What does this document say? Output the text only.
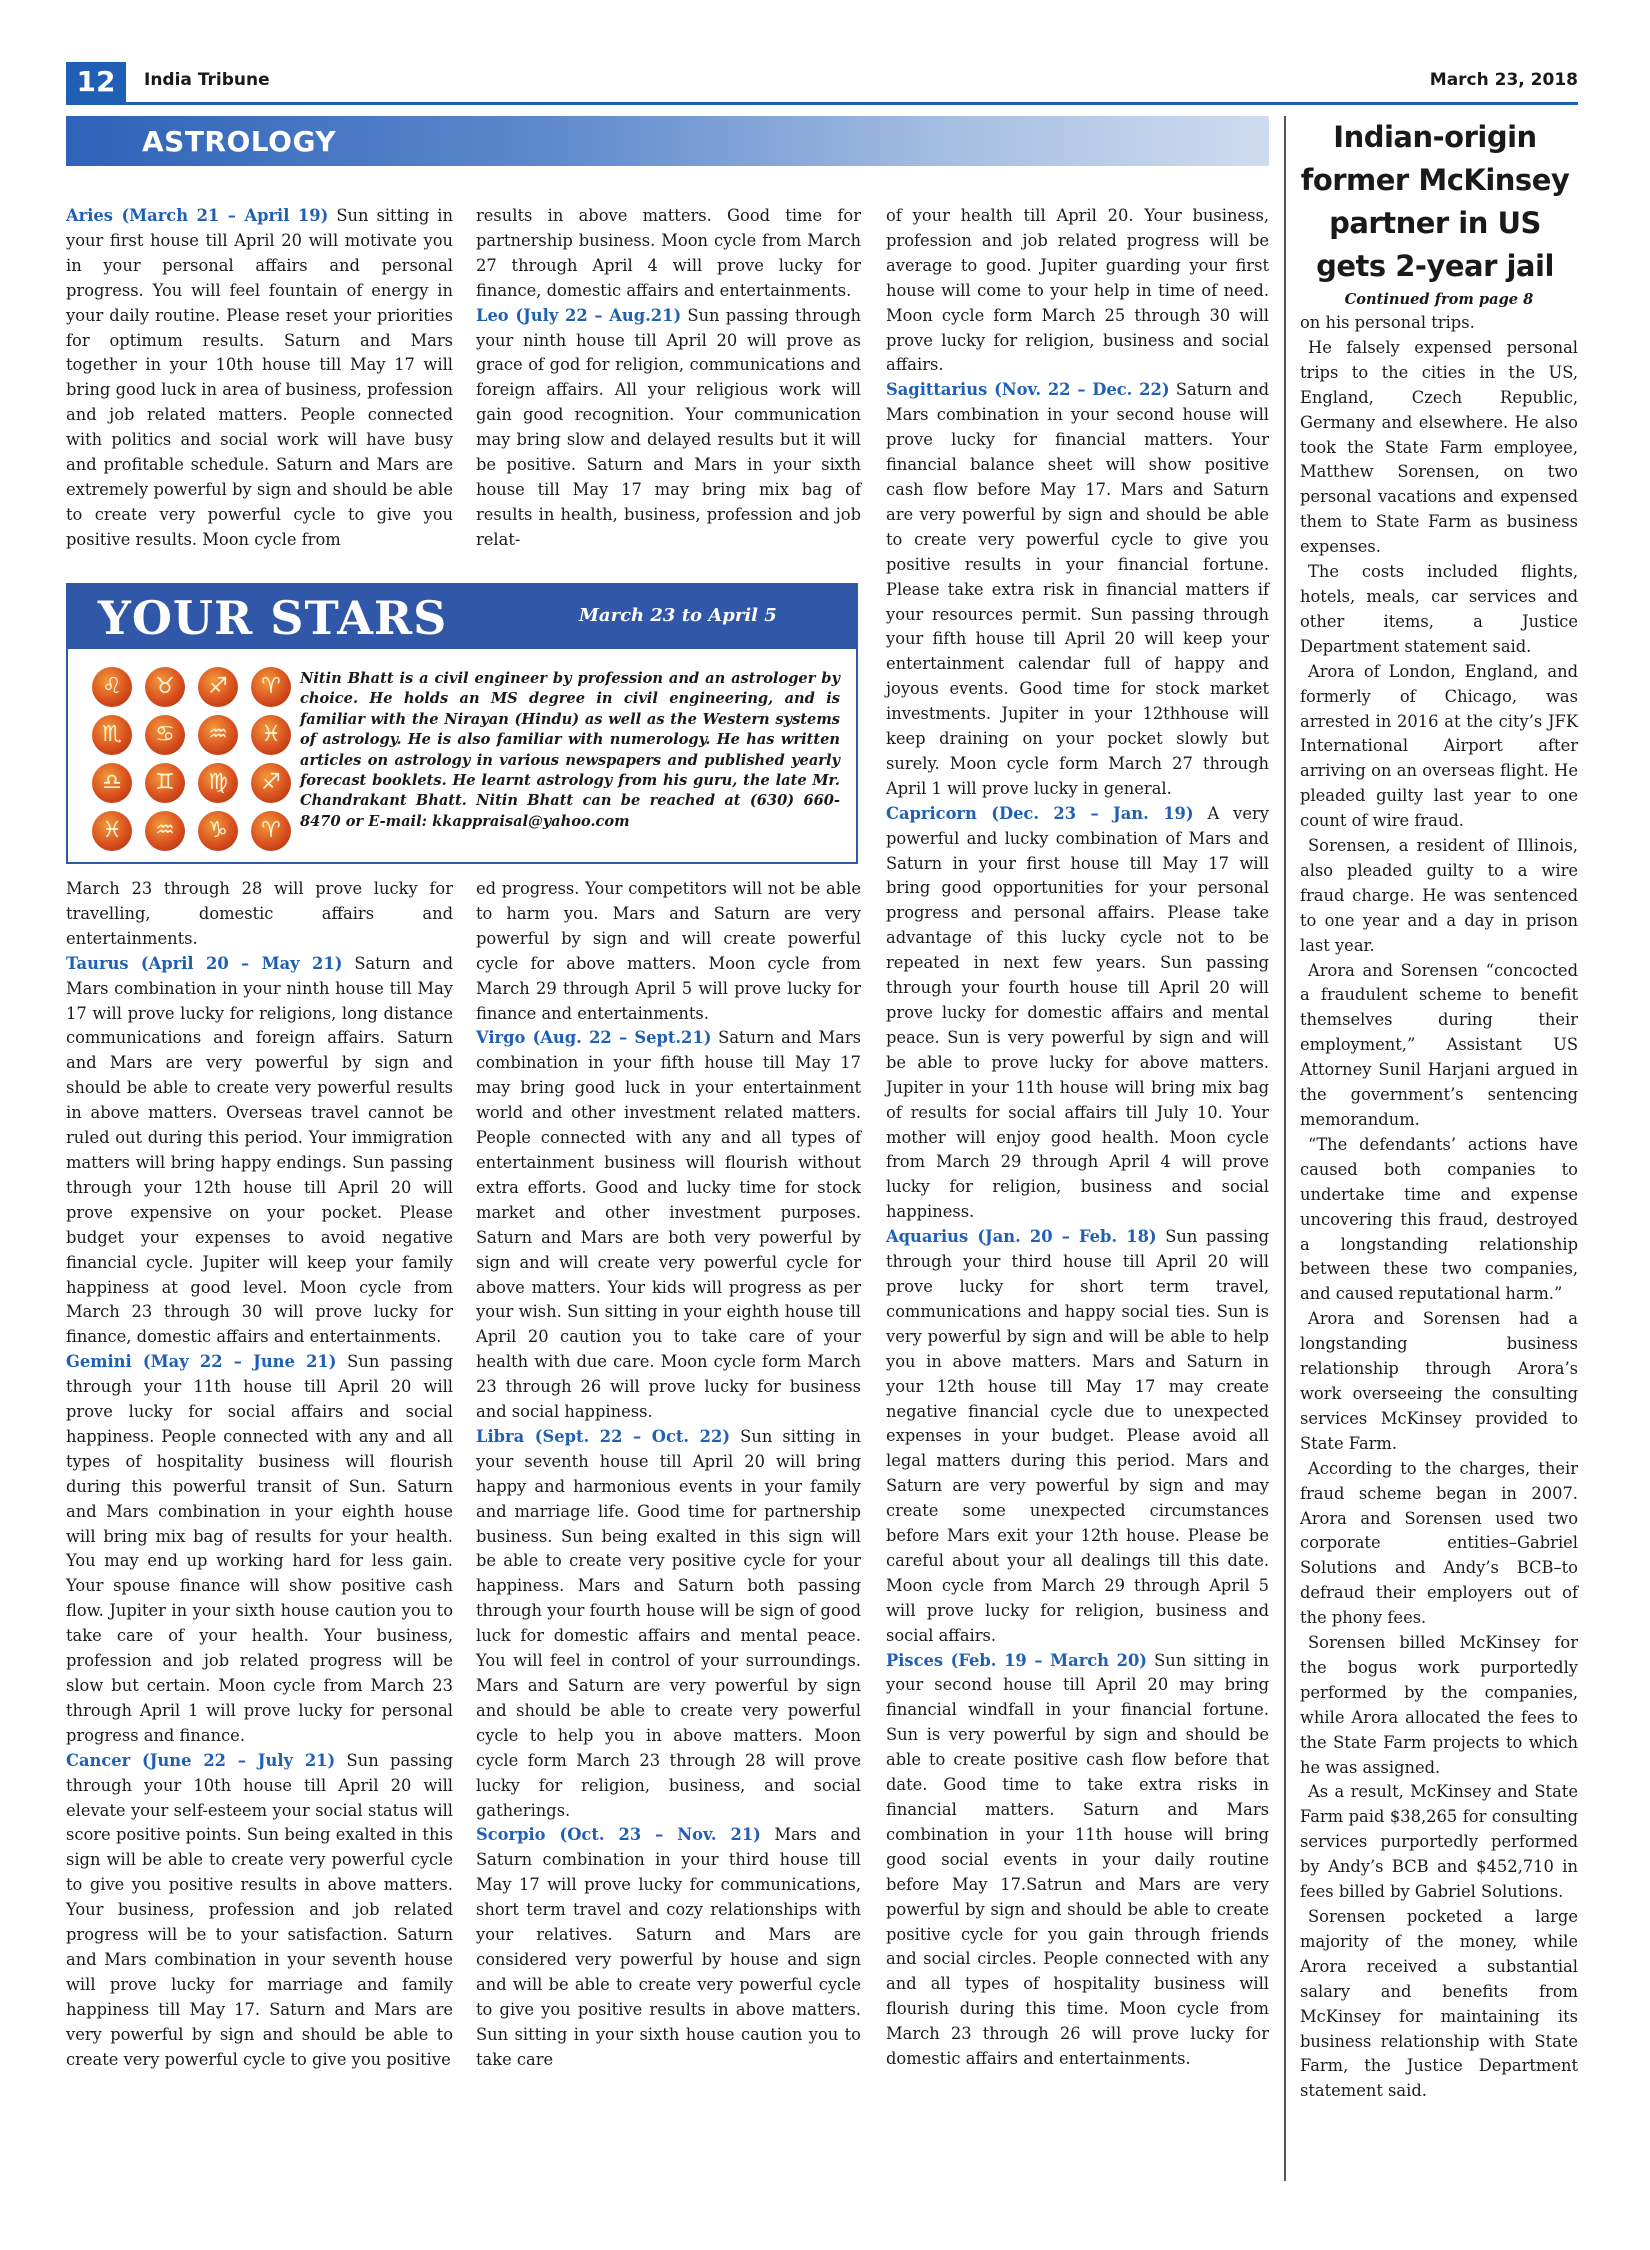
12	India Tribune	March 23, 2018
ASTROLOGY

Aries (March 21 – April 19) Sun sitting in your first house till April 20 will motivate you in your personal affairs and personal progress. You will feel fountain of energy in your daily routine. Please reset your priorities for optimum results. Saturn and Mars together in your 10th house till May 17 will bring good luck in area of business, profession and job related matters. People connected with politics and social work will have busy and profitable schedule. Saturn and Mars are extremely powerful by sign and should be able to create very powerful cycle to give you positive results. Moon cycle from

results in above matters. Good time for partnership business. Moon cycle from March 27 through April 4 will prove lucky for finance, domestic affairs and entertainments.

Leo (July 22 – Aug.21) Sun passing through your ninth house till April 20 will prove as grace of god for religion, communications and foreign affairs. All your religious work will gain good recognition. Your communication may bring slow and delayed results but it will be positive. Saturn and Mars in your sixth house till May 17 may bring mix bag of results in health, business, profession and job relat-

of your health till April 20. Your business, profession and job related progress will be average to good. Jupiter guarding your first house will come to your help in time of need. Moon cycle form March 25 through 30 will prove lucky for religion, business and social affairs.

Sagittarius (Nov. 22 – Dec. 22) Saturn and Mars combination in your second house will prove lucky for financial matters. Your financial balance sheet will show positive cash flow before May 17. Mars and Saturn are very powerful by sign and should be able to create very powerful cycle to give you positive results in your financial fortune. Please take extra risk in financial matters if your resources permit. Sun passing through your fifth house till April 20 will keep your entertainment calendar full of happy and joyous events. Good time for stock market investments. Jupiter in your 12thhouse will keep draining on your pocket slowly but surely. Moon cycle form March 27 through April 1 will prove lucky in general.

Capricorn (Dec. 23 – Jan. 19) A very powerful and lucky combination of Mars and Saturn in your first house till May 17 will bring good opportunities for your personal progress and personal affairs. Please take advantage of this lucky cycle not to be repeated in next few years. Sun passing through your fourth house till April 20 will prove lucky for domestic affairs and mental peace. Sun is very powerful by sign and will be able to prove lucky for above matters. Jupiter in your 11th house will bring mix bag of results for social affairs till July 10. Your mother will enjoy good health. Moon cycle from March 29 through April 4 will prove lucky for religion, business and social happiness.

Aquarius (Jan. 20 – Feb. 18) Sun passing through your third house till April 20 will prove lucky for short term travel, communications and happy social ties. Sun is very powerful by sign and will be able to help you in above matters. Mars and Saturn in your 12th house till May 17 may create negative financial cycle due to unexpected expenses in your budget. Please avoid all legal matters during this period. Mars and Saturn are very powerful by sign and may create some unexpected circumstances before Mars exit your 12th house. Please be careful about your all dealings till this date. Moon cycle from March 29 through April 5 will prove lucky for religion, business and social affairs.

Pisces (Feb. 19 – March 20) Sun sitting in your second house till April 20 may bring financial windfall in your financial fortune. Sun is very powerful by sign and should be able to create positive cash flow before that date. Good time to take extra risks in financial matters. Saturn and Mars combination in your 11th house will bring good social events in your daily routine before May 17.Satrun and Mars are very powerful by sign and should be able to create positive cycle for you gain through friends and social circles. People connected with any and all types of hospitality business will flourish during this time. Moon cycle from March 23 through 26 will prove lucky for domestic affairs and entertainments.

YOUR STARS	March 23 to April 5
♌	♉	♐	♈
♏	♋	♒	♓
♎	♊	♍	♐
♓	♒	♑	♈
Nitin Bhatt is a civil engineer by profession and an astrologer by choice. He holds an MS degree in civil engineering, and is familiar with the Nirayan (Hindu) as well as the Western systems of astrology. He is also familiar with numerology. He has written articles on astrology in various newspapers and published yearly forecast booklets. He learnt astrology from his guru, the late Mr. Chandrakant Bhatt. Nitin Bhatt can be reached at (630) 660-8470 or E-mail: kkappraisal@yahoo.com

March 23 through 28 will prove lucky for travelling, domestic affairs and entertainments.

Taurus (April 20 – May 21) Saturn and Mars combination in your ninth house till May 17 will prove lucky for religions, long distance communications and foreign affairs. Saturn and Mars are very powerful by sign and should be able to create very powerful results in above matters. Overseas travel cannot be ruled out during this period. Your immigration matters will bring happy endings. Sun passing through your 12th house till April 20 will prove expensive on your pocket. Please budget your expenses to avoid negative financial cycle. Jupiter will keep your family happiness at good level. Moon cycle from March 23 through 30 will prove lucky for finance, domestic affairs and entertainments.

Gemini (May 22 – June 21) Sun passing through your 11th house till April 20 will prove lucky for social affairs and social happiness. People connected with any and all types of hospitality business will flourish during this powerful transit of Sun. Saturn and Mars combination in your eighth house will bring mix bag of results for your health. You may end up working hard for less gain. Your spouse finance will show positive cash flow. Jupiter in your sixth house caution you to take care of your health. Your business, profession and job related progress will be slow but certain. Moon cycle from March 23 through April 1 will prove lucky for personal progress and finance.

Cancer (June 22 – July 21) Sun passing through your 10th house till April 20 will elevate your self-esteem your social status will score positive points. Sun being exalted in this sign will be able to create very powerful cycle to give you positive results in above matters. Your business, profession and job related progress will be to your satisfaction. Saturn and Mars combination in your seventh house will prove lucky for marriage and family happiness till May 17. Saturn and Mars are very powerful by sign and should be able to create very powerful cycle to give you positive

ed progress. Your competitors will not be able to harm you. Mars and Saturn are very powerful by sign and will create powerful cycle for above matters. Moon cycle from March 29 through April 5 will prove lucky for finance and entertainments.

Virgo (Aug. 22 – Sept.21) Saturn and Mars combination in your fifth house till May 17 may bring good luck in your entertainment world and other investment related matters. People connected with any and all types of entertainment business will flourish without extra efforts. Good and lucky time for stock market and other investment purposes. Saturn and Mars are both very powerful by sign and will create very powerful cycle for above matters. Your kids will progress as per your wish. Sun sitting in your eighth house till April 20 caution you to take care of your health with due care. Moon cycle form March 23 through 26 will prove lucky for business and social happiness.

Libra (Sept. 22 – Oct. 22) Sun sitting in your seventh house till April 20 will bring happy and harmonious events in your family and marriage life. Good time for partnership business. Sun being exalted in this sign will be able to create very positive cycle for your happiness. Mars and Saturn both passing through your fourth house will be sign of good luck for domestic affairs and mental peace. You will feel in control of your surroundings. Mars and Saturn are very powerful by sign and should be able to create very powerful cycle to help you in above matters. Moon cycle form March 23 through 28 will prove lucky for religion, business, and social gatherings.

Scorpio (Oct. 23 – Nov. 21) Mars and Saturn combination in your third house till May 17 will prove lucky for communications, short term travel and cozy relationships with your relatives. Saturn and Mars are considered very powerful by house and sign and will be able to create very powerful cycle to give you positive results in above matters. Sun sitting in your sixth house caution you to take care

Indian-origin former McKinsey partner in US gets 2-year jail
Continued from page 8

on his personal trips.

He falsely expensed personal trips to the cities in the US, England, Czech Republic, Germany and elsewhere. He also took the State Farm employee, Matthew Sorensen, on two personal vacations and expensed them to State Farm as business expenses.

The costs included flights, hotels, meals, car services and other items, a Justice Department statement said.

Arora of London, England, and formerly of Chicago, was arrested in 2016 at the city’s JFK International Airport after arriving on an overseas flight. He pleaded guilty last year to one count of wire fraud.

Sorensen, a resident of Illinois, also pleaded guilty to a wire fraud charge. He was sentenced to one year and a day in prison last year.

Arora and Sorensen “concocted a fraudulent scheme to benefit themselves during their employment,” Assistant US Attorney Sunil Harjani argued in the government’s sentencing memorandum.

“The defendants’ actions have caused both companies to undertake time and expense uncovering this fraud, destroyed a longstanding relationship between these two companies, and caused reputational harm.”

Arora and Sorensen had a longstanding business relationship through Arora’s work overseeing the consulting services McKinsey provided to State Farm.

According to the charges, their fraud scheme began in 2007. Arora and Sorensen used two corporate entities–Gabriel Solutions and Andy’s BCB–to defraud their employers out of the phony fees.

Sorensen billed McKinsey for the bogus work purportedly performed by the companies, while Arora allocated the fees to the State Farm projects to which he was assigned.

As a result, McKinsey and State Farm paid $38,265 for consulting services purportedly performed by Andy’s BCB and $452,710 in fees billed by Gabriel Solutions.

Sorensen pocketed a large majority of the money, while Arora received a substantial salary and benefits from McKinsey for maintaining its business relationship with State Farm, the Justice Department statement said.
